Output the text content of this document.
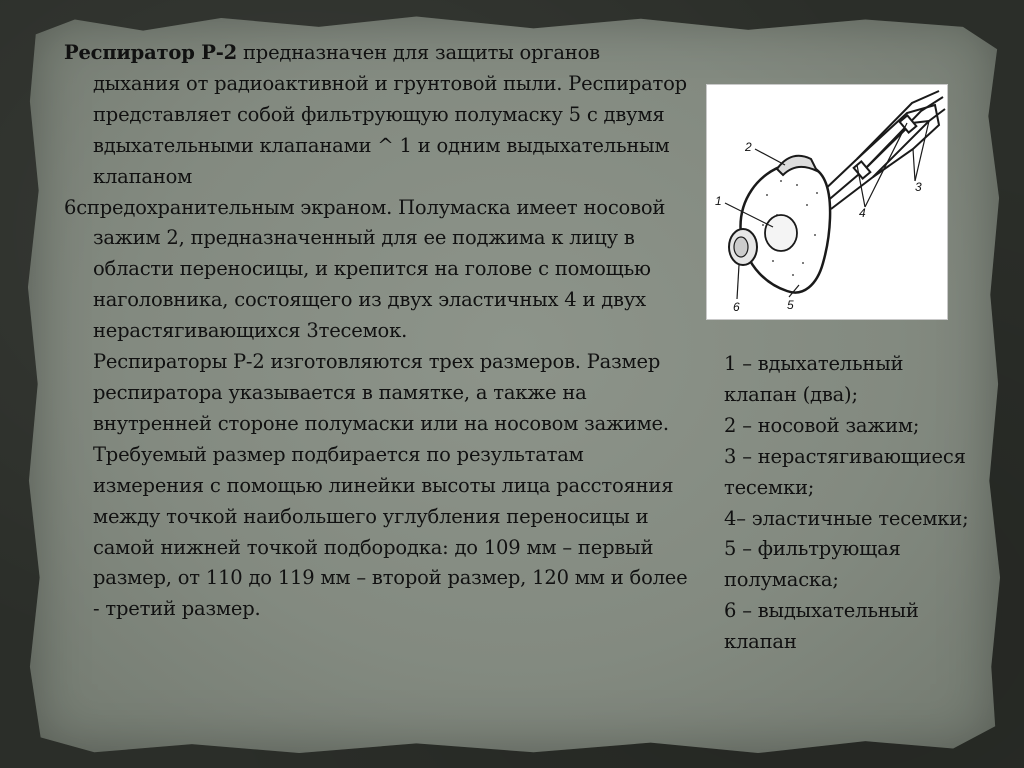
Респиратор Р-2 предназначен для защиты органов дыхания от радиоактивной и грунтовой пыли. Респиратор представляет собой фильтрующую полумаску 5 с двумя вдыхательными клапанами ^ 1 и одним выдыхательным клапаном

6спредохранительным экраном. Полумаска имеет носовой зажим 2, предназначенный для ее поджима к лицу в области переносицы, и крепится на голове с помощью наголовника, состоящего из двух эластичных 4 и двух нерастягивающихся 3тесемок.
Респираторы Р-2 изготовляются трех размеров. Размер респиратора указывается в памятке, а также на внутренней стороне полумаски или на носовом зажиме. Требуемый размер подбирается по результатам измерения с помощью линейки высоты лица расстояния между точкой наибольшего углубления переносицы и самой нижней точкой подбородка: до 109 мм – первый размер, от 110 до 119 мм – второй размер, 120 мм и более - третий размер.

1
2
3
4
5
6
1 – вдыхательный клапан (два);
2 – носовой зажим;
3 – нерастягивающиеся тесемки;
4– эластичные тесемки;
5 – фильтрующая полумаска;
6 – выдыхательный клапан
